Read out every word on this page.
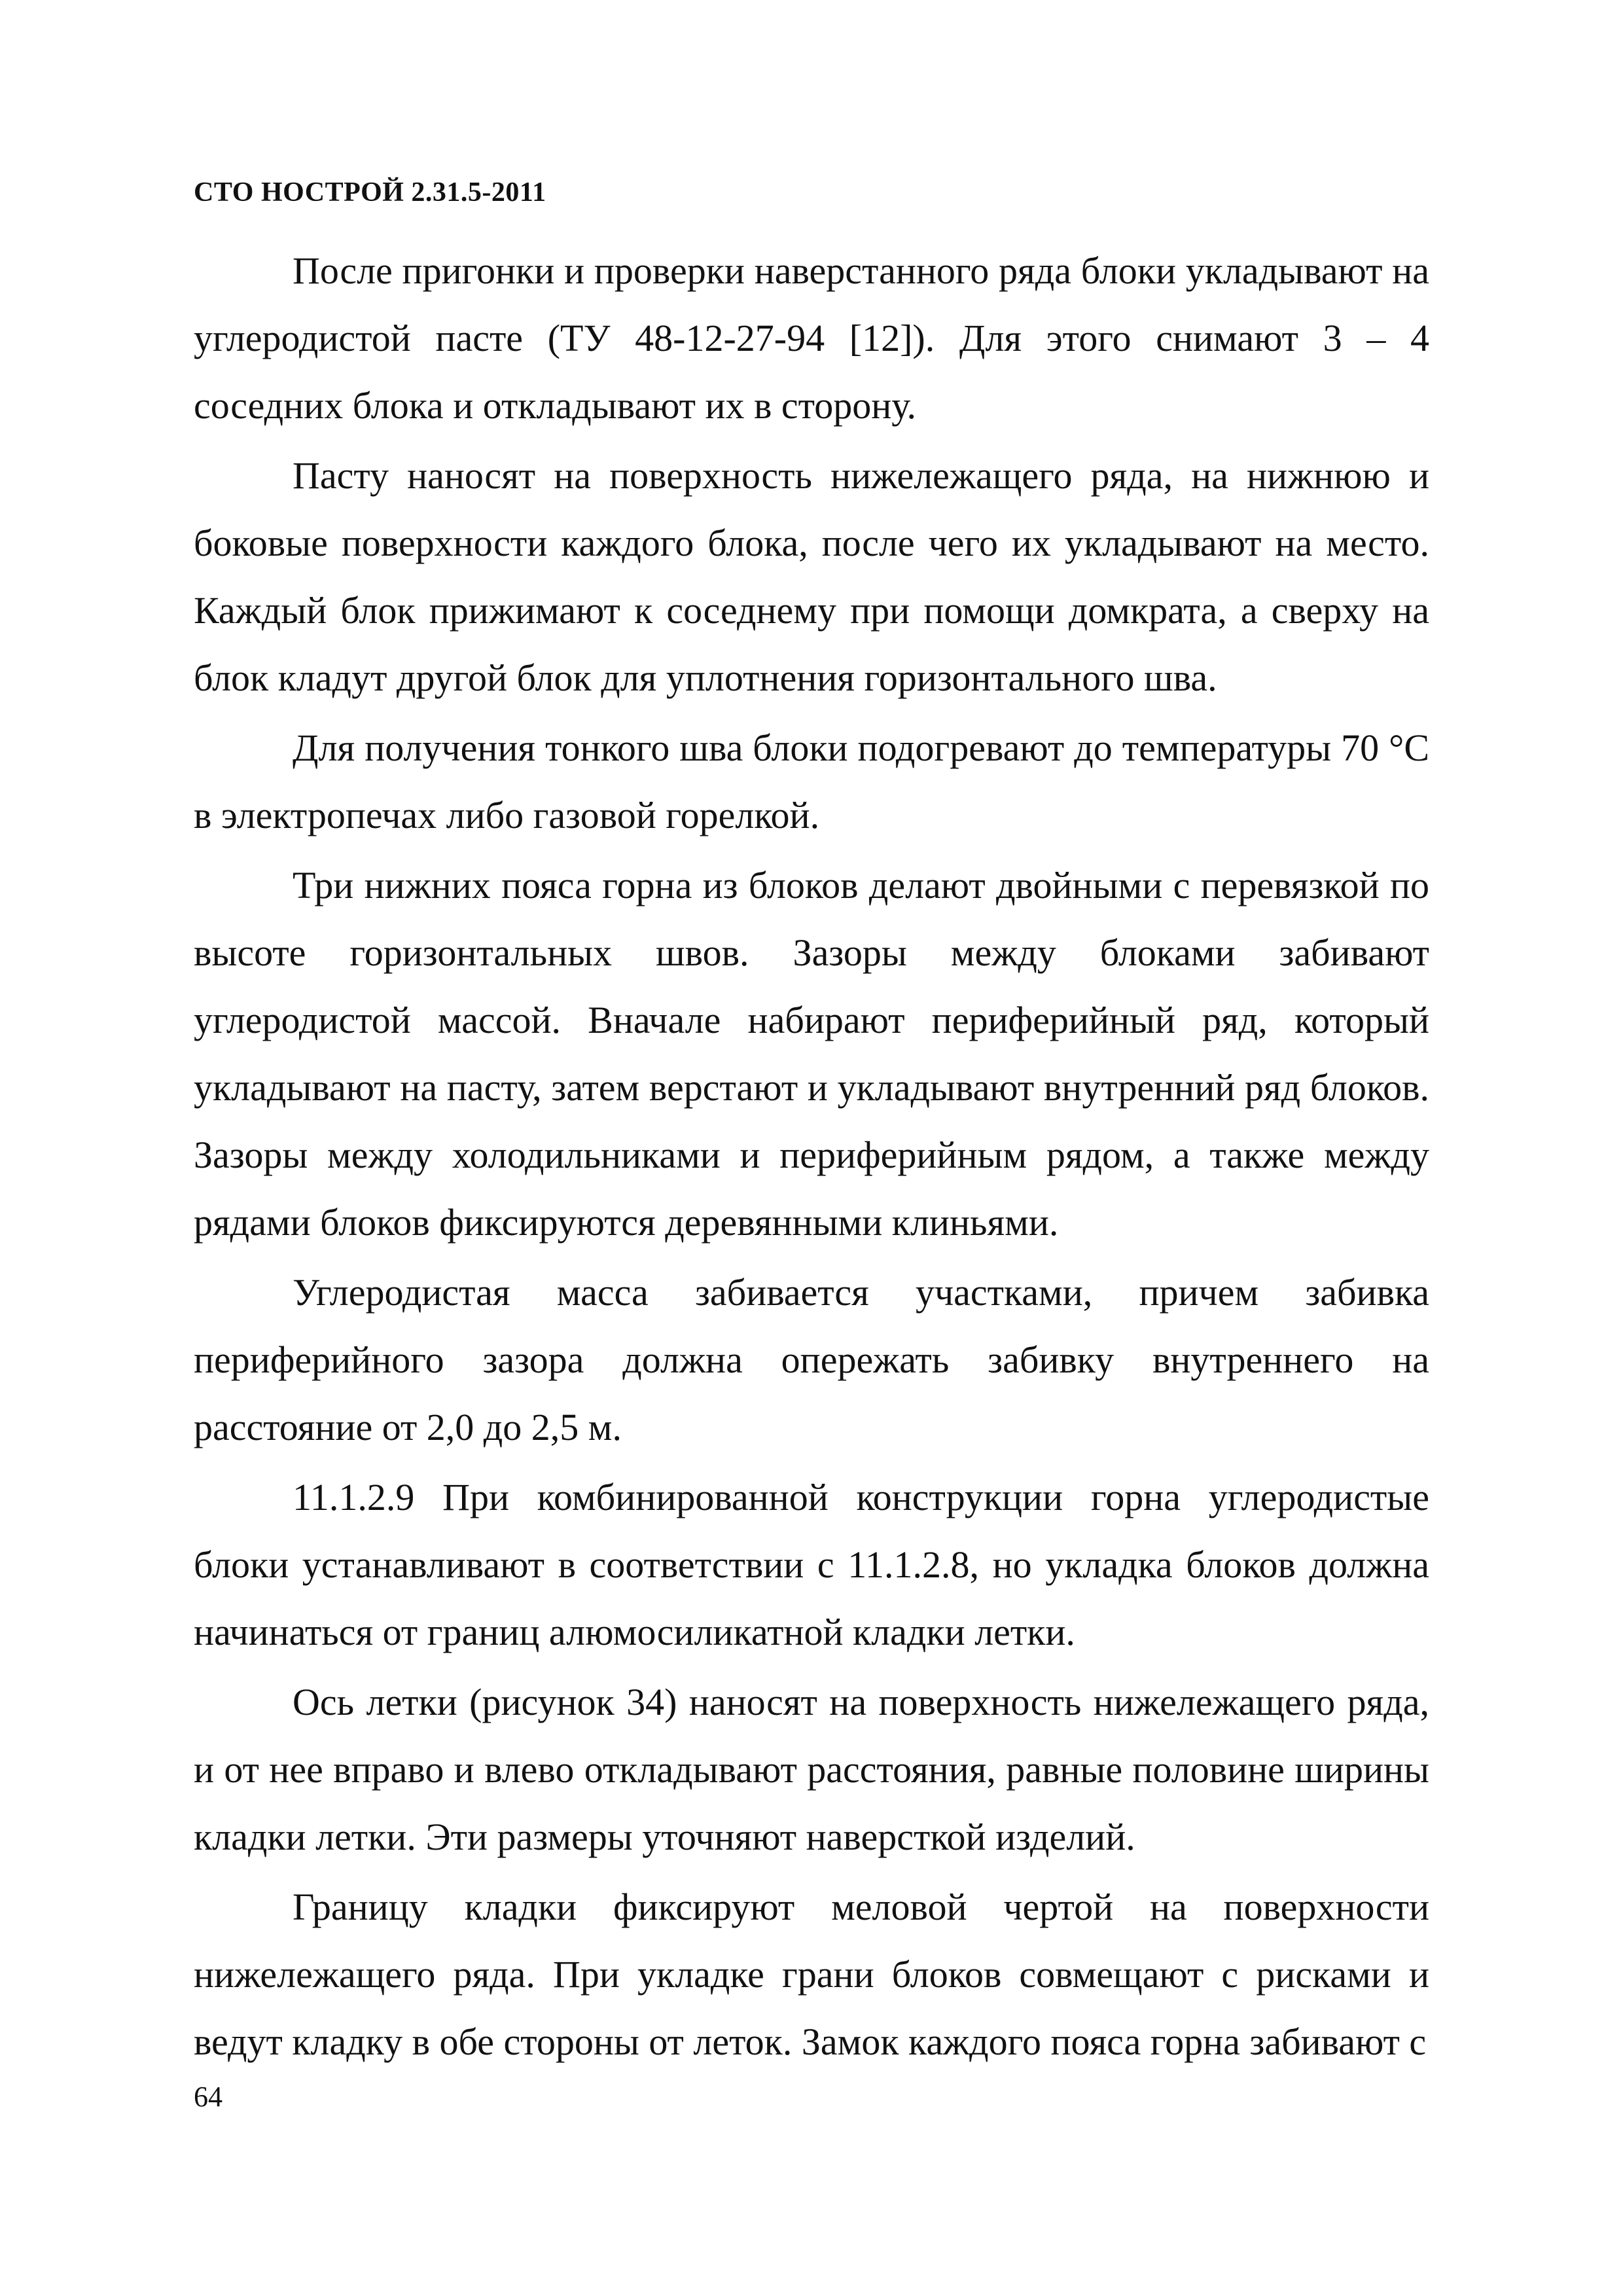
СТО НОСТРОЙ 2.31.5-2011

После пригонки и проверки наверстанного ряда блоки укладывают на углеродистой пасте (ТУ 48-12-27-94 [12]). Для этого снимают 3 – 4 соседних блока и откладывают их в сторону.

Пасту наносят на поверхность нижележащего ряда, на нижнюю и боковые поверхности каждого блока, после чего их укладывают на место. Каждый блок прижимают к соседнему при помощи домкрата, а сверху на блок кладут другой блок для уплотнения горизонтального шва.

Для получения тонкого шва блоки подогревают до температуры 70 °С в электропечах либо газовой горелкой.

Три нижних пояса горна из блоков делают двойными с перевязкой по высоте горизонтальных швов. Зазоры между блоками забивают углеродистой массой. Вначале набирают периферийный ряд, который укладывают на пасту, затем верстают и укладывают внутренний ряд блоков. Зазоры между холодильниками и периферийным рядом, а также между рядами блоков фиксируются деревянными клиньями.

Углеродистая масса забивается участками, причем забивка периферийного зазора должна опережать забивку внутреннего на расстояние от 2,0 до 2,5 м.

11.1.2.9 При комбинированной конструкции горна углеродистые блоки устанавливают в соответствии с 11.1.2.8, но укладка блоков должна начинаться от границ алюмосиликатной кладки летки.

Ось летки (рисунок 34) наносят на поверхность нижележащего ряда, и от нее вправо и влево откладывают расстояния, равные половине ширины кладки летки. Эти размеры уточняют наверсткой изделий.

Границу кладки фиксируют меловой чертой на поверхности нижележащего ряда. При укладке грани блоков совмещают с рисками и ведут кладку в обе стороны от леток. Замок каждого пояса горна забивают с

64
